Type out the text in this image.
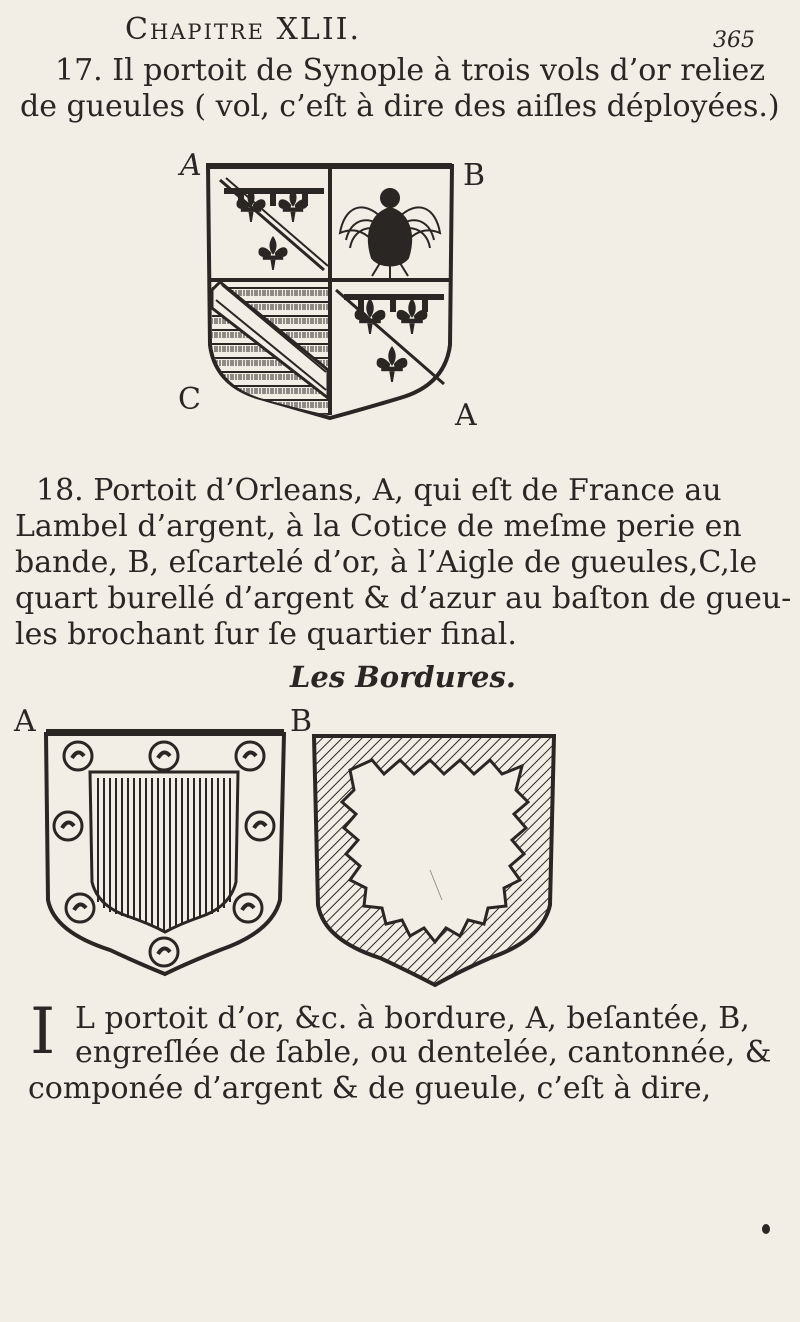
Chapitre XLII.	365
17. Il portoit de Synople à trois vols d’or reliez
de gueules ( vol, c’eſt à dire des aiſles déployées.)
A	B
C	A
18. Portoit d’Orleans, A, qui eſt de France au
Lambel d’argent, à la Cotice de meſme perie en
bande, B, eſcartelé d’or, à l’Aigle de gueules,C,le
quart burellé d’argent & d’azur au baſton de gueu-
les brochant ſur ſe quartier final.
Les Bordures.
A	B
I L portoit d’or, &c. à bordure, A, beſantée, B,
engreſlée de ſable, ou dentelée, cantonnée, &
componée d’argent & de gueule, c’eſt à dire,
